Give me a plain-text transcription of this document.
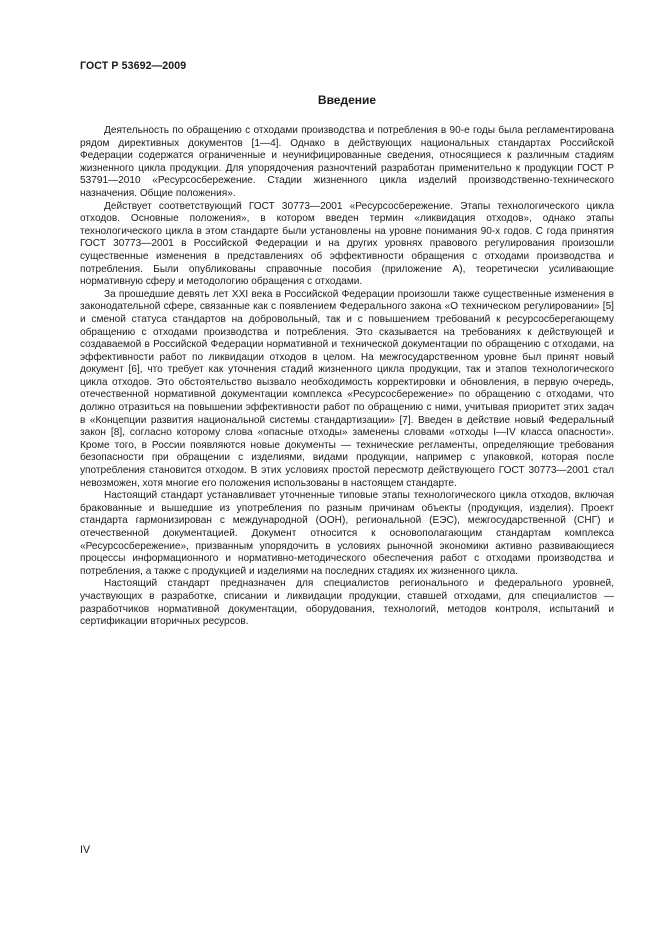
ГОСТ Р 53692—2009
Введение

Деятельность по обращению с отходами производства и потребления в 90-е годы была регламентирована рядом директивных документов [1—4]. Однако в действующих национальных стандартах Российской Федерации содержатся ограниченные и неунифицированные сведения, относящиеся к различным стадиям жизненного цикла продукции. Для упорядочения разночтений разработан применительно к продукции ГОСТ Р 53791—2010 «Ресурсосбережение. Стадии жизненного цикла изделий производственно-технического назначения. Общие положения».

Действует соответствующий ГОСТ 30773—2001 «Ресурсосбережение. Этапы технологического цикла отходов. Основные положения», в котором введен термин «ликвидация отходов», однако этапы технологического цикла в этом стандарте были установлены на уровне понимания 90-х годов. С года принятия ГОСТ 30773—2001 в Российской Федерации и на других уровнях правового регулирования произошли существенные изменения в представлениях об эффективности обращения с отходами производства и потребления. Были опубликованы справочные пособия (приложение А), теоретически усиливающие нормативную сферу и методологию обращения с отходами.

За прошедшие девять лет XXI века в Российской Федерации произошли также существенные изменения в законодательной сфере, связанные как с появлением Федерального закона «О техническом регулировании» [5] и сменой статуса стандартов на добровольный, так и с повышением требований к ресурсосберегающему обращению с отходами производства и потребления. Это сказывается на требованиях к действующей и создаваемой в Российской Федерации нормативной и технической документации по обращению с отходами, на эффективности работ по ликвидации отходов в целом. На межгосударственном уровне был принят новый документ [6], что требует как уточнения стадий жизненного цикла продукции, так и этапов технологического цикла отходов. Это обстоятельство вызвало необходимость корректировки и обновления, в первую очередь, отечественной нормативной документации комплекса «Ресурсосбережение» по обращению с отходами, что должно отразиться на повышении эффективности работ по обращению с ними, учитывая приоритет этих задач в «Концепции развития национальной системы стандартизации» [7]. Введен в действие новый Федеральный закон [8], согласно которому слова «опасные отходы» заменены словами «отходы I—IV класса опасности». Кроме того, в России появляются новые документы — технические регламенты, определяющие требования безопасности при обращении с изделиями, видами продукции, например с упаковкой, которая после употребления становится отходом. В этих условиях простой пересмотр действующего ГОСТ 30773—2001 стал невозможен, хотя многие его положения использованы в настоящем стандарте.

Настоящий стандарт устанавливает уточненные типовые этапы технологического цикла отходов, включая бракованные и вышедшие из употребления по разным причинам объекты (продукция, изделия). Проект стандарта гармонизирован с международной (ООН), региональной (ЕЭС), межгосударственной (СНГ) и отечественной документацией. Документ относится к основополагающим стандартам комплекса «Ресурсосбережение», призванным упорядочить в условиях рыночной экономики активно развивающиеся процессы информационного и нормативно-методического обеспечения работ с отходами производства и потребления, а также с продукцией и изделиями на последних стадиях их жизненного цикла.

Настоящий стандарт предназначен для специалистов регионального и федерального уровней, участвующих в разработке, списании и ликвидации продукции, ставшей отходами, для специалистов — разработчиков нормативной документации, оборудования, технологий, методов контроля, испытаний и сертификации вторичных ресурсов.

IV
